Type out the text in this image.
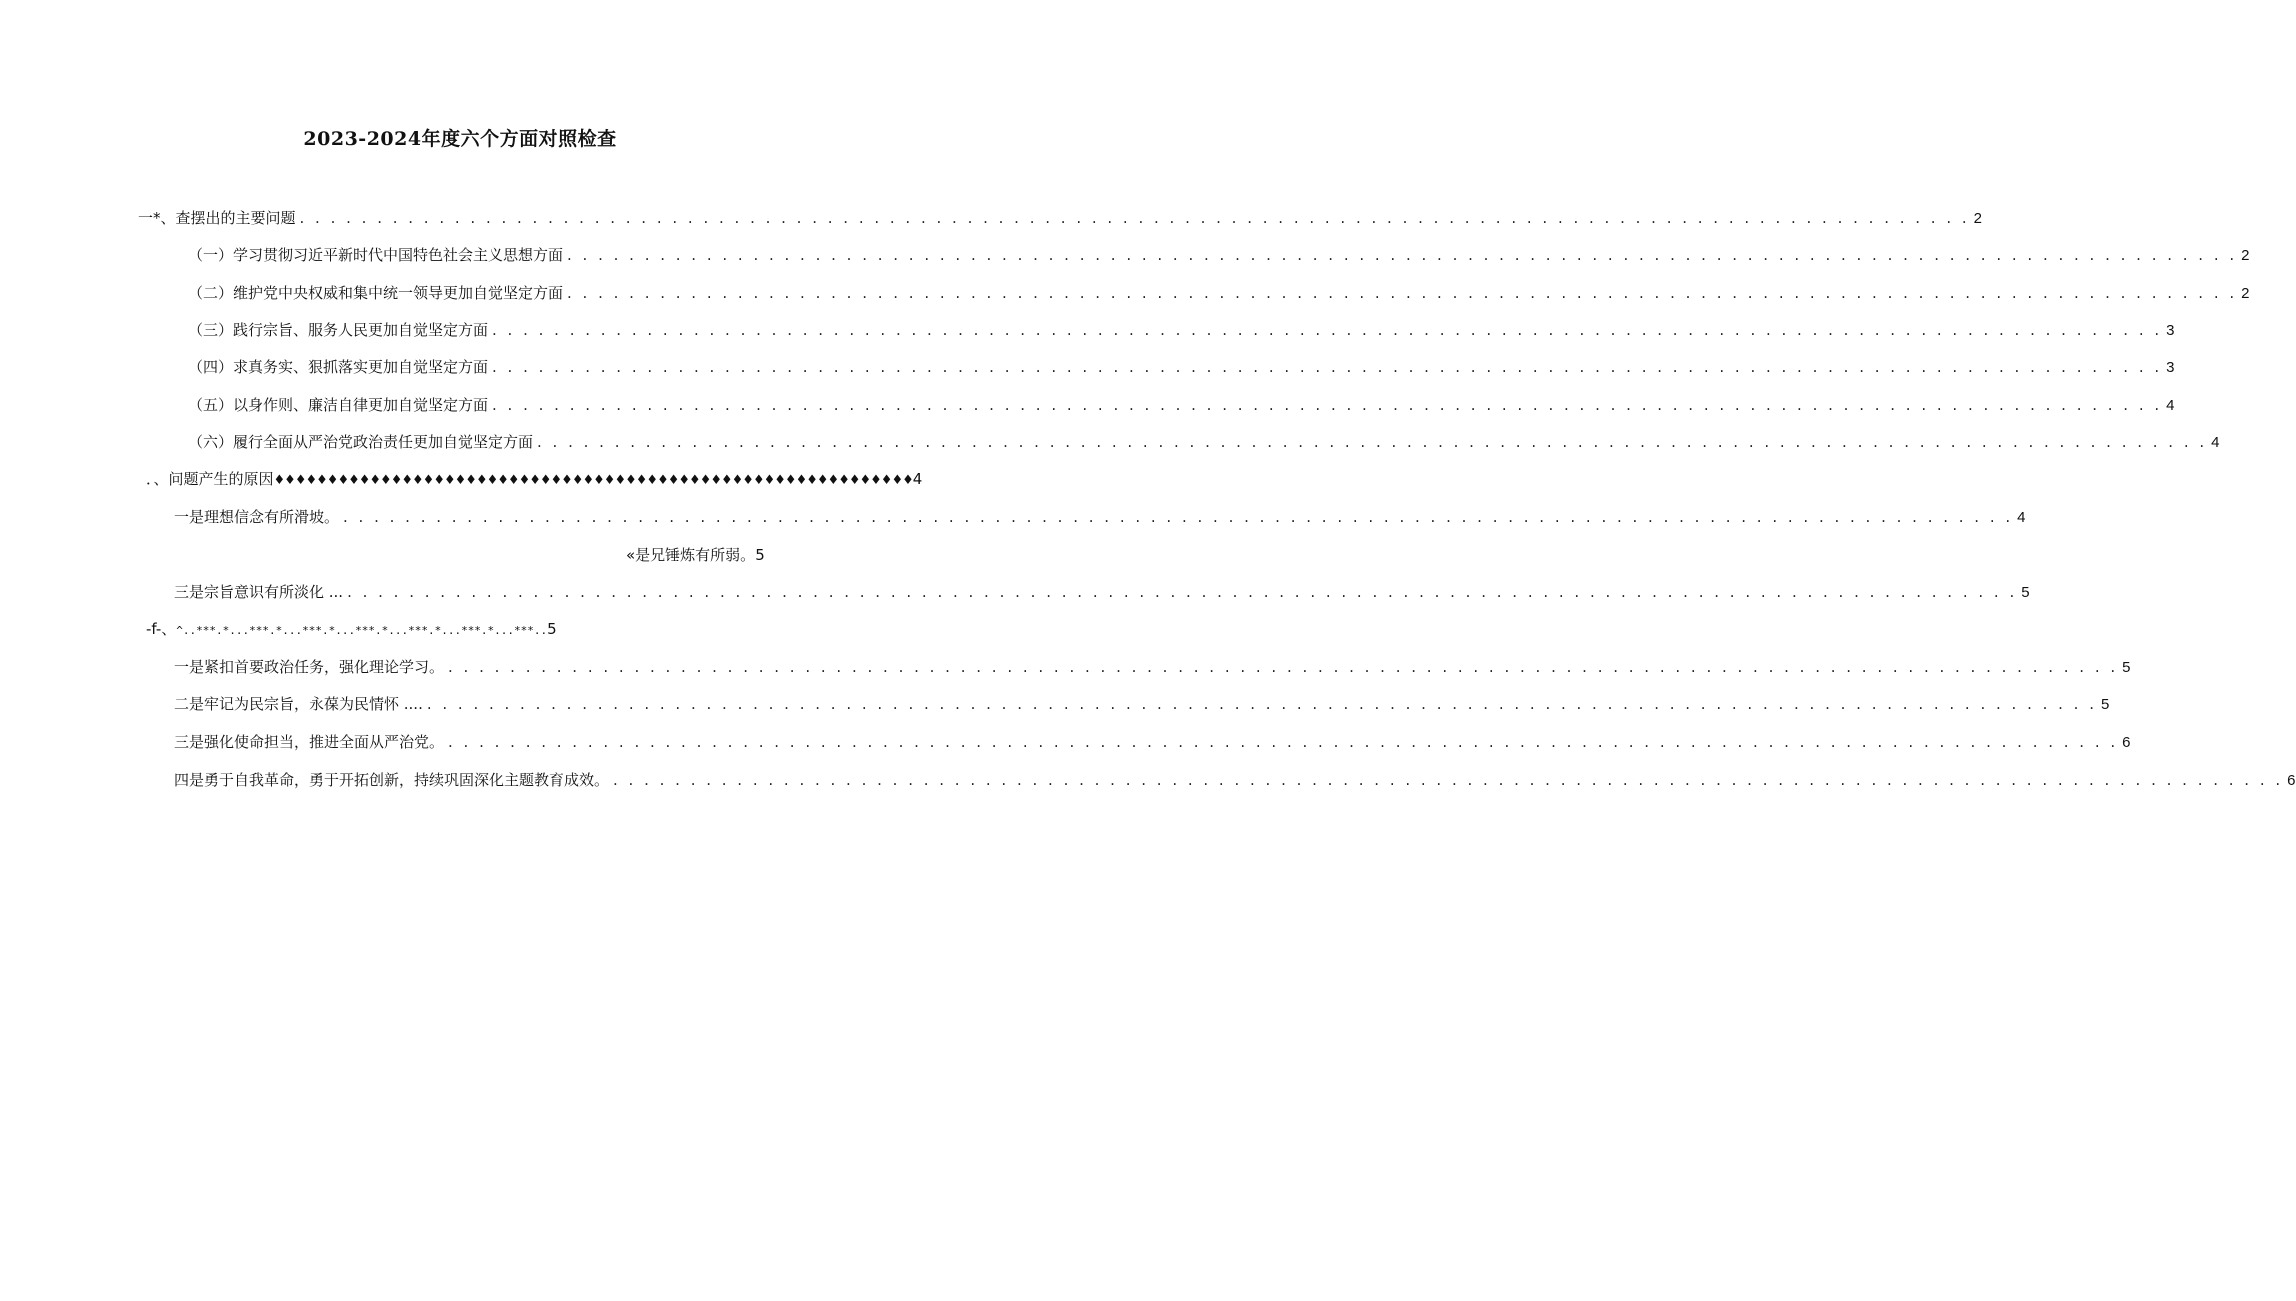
2023-2024年度六个方面对照检查
一*、查摆出的主要问题 . . .	2
（一）学习贯彻习近平新时代中国特色社会主义思想方面 . . .	2
（二）维护党中央权威和集中统一领导更加自觉坚定方面 . . .	2
（三）践行宗旨、服务人民更加自觉坚定方面 . . .	3
（四）求真务实、狠抓落实更加自觉坚定方面 . . .	3
（五）以身作则、廉洁自律更加自觉坚定方面 . . .	4
（六）履行全面从严治党政治责任更加自觉坚定方面 . . .	4
．、问题产生的原因♦♦♦♦♦♦♦♦♦♦♦♦♦♦♦♦♦♦♦♦♦♦♦♦♦♦♦♦♦♦♦♦♦♦♦♦♦♦♦♦♦♦♦♦♦♦♦♦♦♦♦♦♦♦♦♦♦♦♦♦4
一是理想信念有所滑坡。 . . .	4
«是兄锤炼有所弱。5
三是宗旨意识有所淡化 ... . . .	5
-f-、^..***.*...***.*...***.*...***.*...***.*...***.*...***..5
一是紧扣首要政治任务，强化理论学习。 . . .	5
二是牢记为民宗旨，永葆为民情怀 .... . . .	5
三是强化使命担当，推进全面从严治党。 . . .	6
四是勇于自我革命，勇于开拓创新，持续巩固深化主题教育成效。 . . .	6
